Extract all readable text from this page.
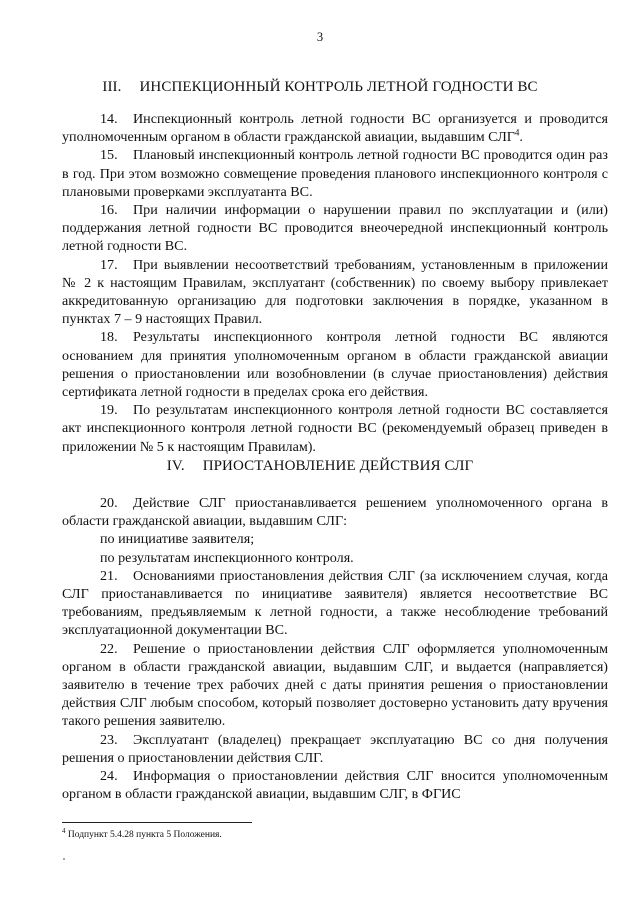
3
III. ИНСПЕКЦИОННЫЙ КОНТРОЛЬ ЛЕТНОЙ ГОДНОСТИ ВС

14. Инспекционный контроль летной годности ВС организуется и проводится уполномоченным органом в области гражданской авиации, выдавшим СЛГ$^4$.

15. Плановый инспекционный контроль летной годности ВС проводится один раз в год. При этом возможно совмещение проведения планового инспекционного контроля с плановыми проверками эксплуатанта ВС.

16. При наличии информации о нарушении правил по эксплуатации и (или) поддержания летной годности ВС проводится внеочередной инспекционный контроль летной годности ВС.

17. При выявлении несоответствий требованиям, установленным в приложении № 2 к настоящим Правилам, эксплуатант (собственник) по своему выбору привлекает аккредитованную организацию для подготовки заключения в порядке, указанном в пунктах 7 – 9 настоящих Правил.

18. Результаты инспекционного контроля летной годности ВС являются основанием для принятия уполномоченным органом в области гражданской авиации решения о приостановлении или возобновлении (в случае приостановления) действия сертификата летной годности в пределах срока его действия.

19. По результатам инспекционного контроля летной годности ВС составляется акт инспекционного контроля летной годности ВС (рекомендуемый образец приведен в приложении № 5 к настоящим Правилам).

IV. ПРИОСТАНОВЛЕНИЕ ДЕЙСТВИЯ СЛГ

20. Действие СЛГ приостанавливается решением уполномоченного органа в области гражданской авиации, выдавшим СЛГ:

по инициативе заявителя;

по результатам инспекционного контроля.

21. Основаниями приостановления действия СЛГ (за исключением случая, когда СЛГ приостанавливается по инициативе заявителя) является несоответствие ВС требованиям, предъявляемым к летной годности, а также несоблюдение требований эксплуатационной документации ВС.

22. Решение о приостановлении действия СЛГ оформляется уполномоченным органом в области гражданской авиации, выдавшим СЛГ, и выдается (направляется) заявителю в течение трех рабочих дней с даты принятия решения о приостановлении действия СЛГ любым способом, который позволяет достоверно установить дату вручения такого решения заявителю.

23. Эксплуатант (владелец) прекращает эксплуатацию ВС со дня получения решения о приостановлении действия СЛГ.

24. Информация о приостановлении действия СЛГ вносится уполномоченным органом в области гражданской авиации, выдавшим СЛГ, в ФГИС

$^4$ Подпункт 5.4.28 пункта 5 Положения.
